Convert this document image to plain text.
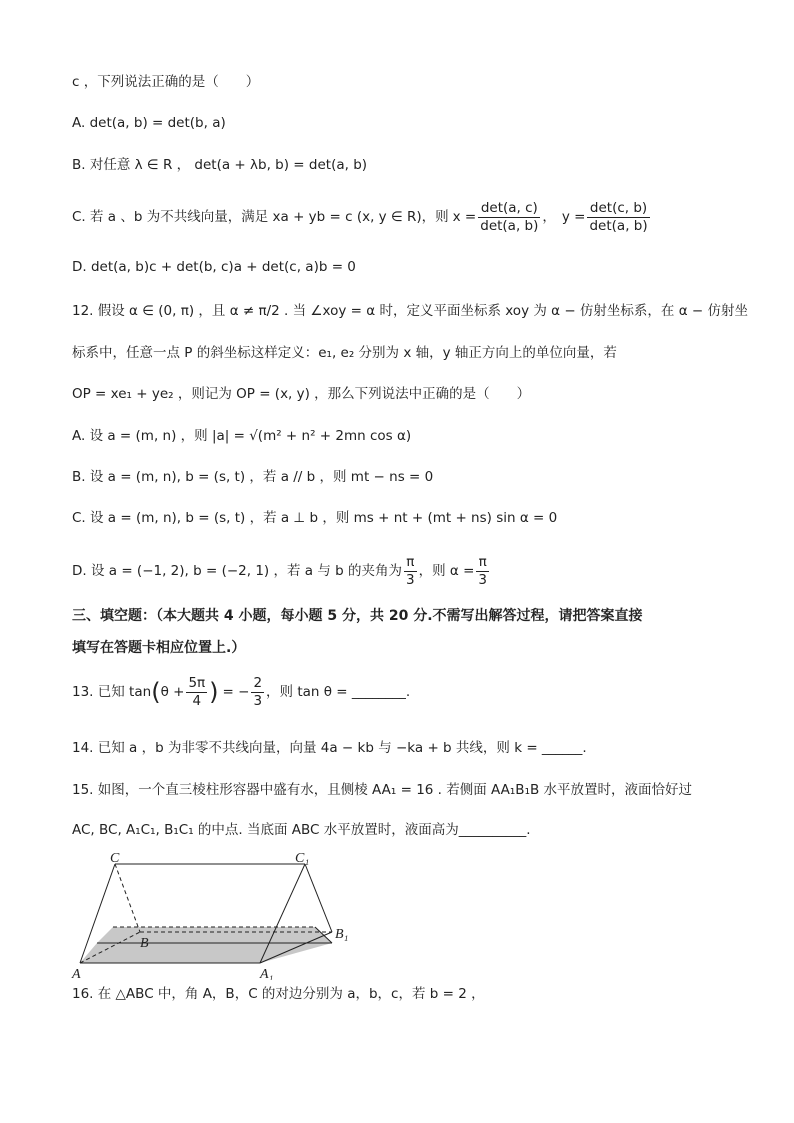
c ，下列说法正确的是（　　）
A. det(a, b) = det(b, a)
B. 对任意 λ ∈ R ， det(a + λb, b) = det(a, b)
C. 若 a 、b 为不共线向量，满足 xa + yb = c (x, y ∈ R)，则 $x = \frac{\det(a, c)}{\det(a, b)}$ ， $y = \frac{\det(c, b)}{\det(a, b)}$
D. det(a, b)c + det(b, c)a + det(c, a)b = 0
12. 假设 α ∈ (0, π) ，且 α ≠ π/2 . 当 ∠xoy = α 时，定义平面坐标系 xoy 为 α − 仿射坐标系，在 α − 仿射坐
标系中，任意一点 P 的斜坐标这样定义：e₁, e₂ 分别为 x 轴，y 轴正方向上的单位向量，若
OP = xe₁ + ye₂ ，则记为 OP = (x, y) ，那么下列说法中正确的是（　　）
A. 设 a = (m, n) ，则 |a| = √(m² + n² + 2mn cos α)
B. 设 a = (m, n), b = (s, t) ，若 a // b ，则 mt − ns = 0
C. 设 a = (m, n), b = (s, t) ，若 a ⊥ b ，则 ms + nt + (mt + ns) sin α = 0
D. 设 a = (−1, 2), b = (−2, 1) ，若 a 与 b 的夹角为 $\frac{\pi}{3}$ ，则 $\alpha = \frac{\pi}{3}$
三、填空题：（本大题共 4 小题，每小题 5 分，共 20 分.不需写出解答过程，请把答案直接
填写在答题卡相应位置上.）
13. 已知 tan ( $\theta + \frac{5\pi}{4}$ ) = − $\frac{2}{3}$ ，则 tan θ = ________.
14. 已知 a ，b 为非零不共线向量，向量 4a − kb 与 −ka + b 共线，则 k = ______.
15. 如图，一个直三棱柱形容器中盛有水，且侧棱 AA₁ = 16 . 若侧面 AA₁B₁B 水平放置时，液面恰好过
AC, BC, A₁C₁, B₁C₁ 的中点. 当底面 ABC 水平放置时，液面高为__________.
C	C₁
B
B₁
A	A₁
16. 在 △ABC 中，角 A，B，C 的对边分别为 a，b，c，若 b = 2 ，
